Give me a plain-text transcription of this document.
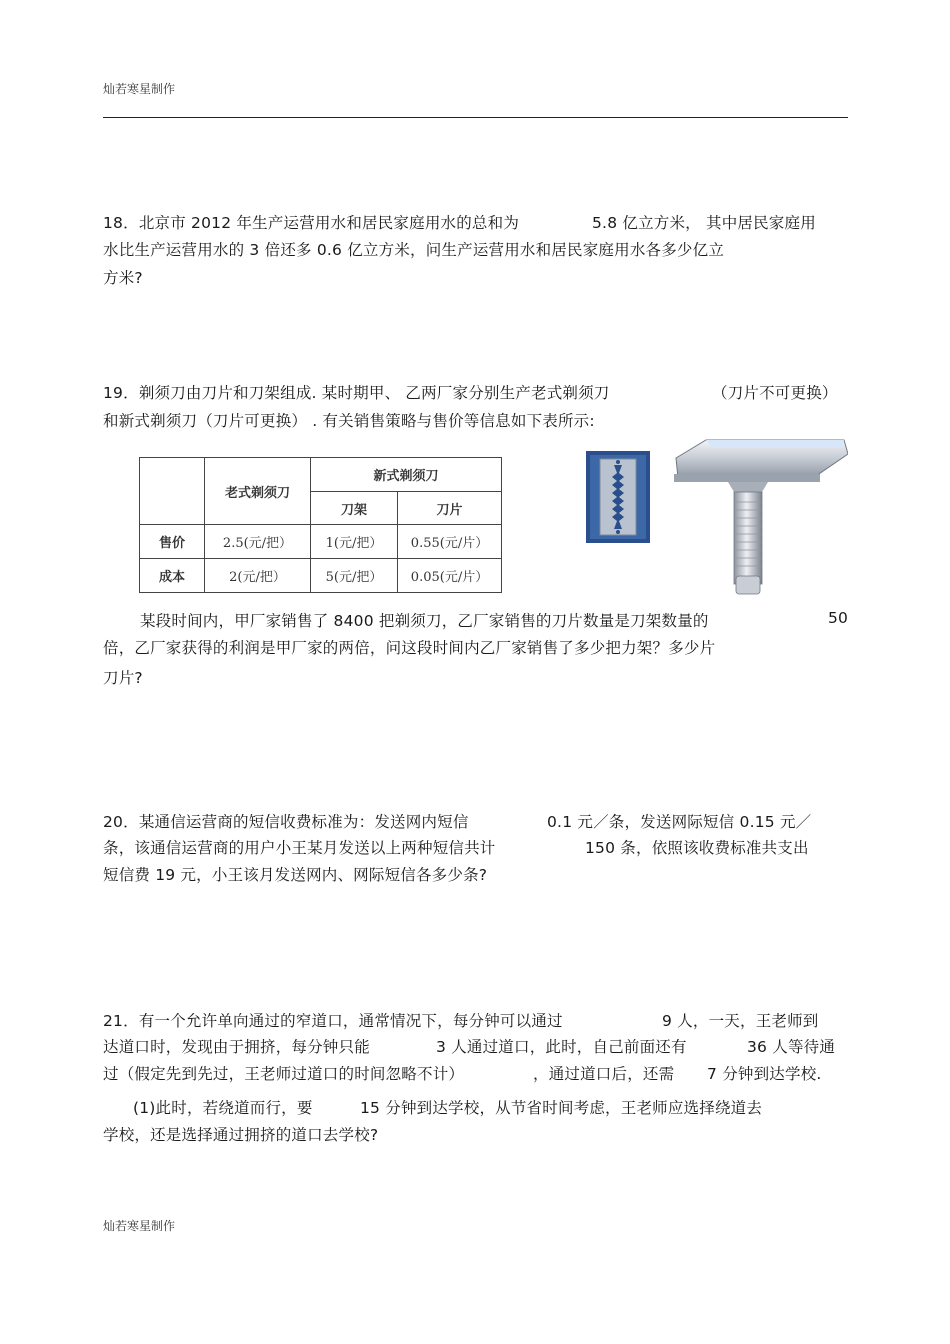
灿若寒星制作
18．北京市 2012 年生产运营用水和居民家庭用水的总和为	5.8 亿立方米， 其中居民家庭用
水比生产运营用水的 3 倍还多 0.6 亿立方米，问生产运营用水和居民家庭用水各多少亿立
方米?
19．剃须刀由刀片和刀架组成. 某时期甲、 乙两厂家分别生产老式剃须刀	（刀片不可更换）
和新式剃须刀（刀片可更换） . 有关销售策略与售价等信息如下表所示:
	老式剃须刀	新式剃须刀	
		刀架	刀片
售价	2.5(元/把）	1(元/把）	0.55(元/片）
成本	2(元/把）	5(元/把）	0.05(元/片）
某段时间内，甲厂家销售了 8400 把剃须刀，乙厂家销售的刀片数量是刀架数量的	50
倍，乙厂家获得的利润是甲厂家的两倍，问这段时间内乙厂家销售了多少把力架？多少片
刀片?
20．某通信运营商的短信收费标准为：发送网内短信	0.1 元／条，发送网际短信 0.15 元／
条，该通信运营商的用户小王某月发送以上两种短信共计	150 条，依照该收费标准共支出
短信费 19 元，小王该月发送网内、网际短信各多少条?
21．有一个允许单向通过的窄道口，通常情况下，每分钟可以通过	9 人，一天，王老师到
达道口时，发现由于拥挤，每分钟只能	3 人通过道口，此时，自己前面还有	36 人等待通
过（假定先到先过，王老师过道口的时间忽略不计）	，通过道口后，还需 7 分钟到达学校.
(1)此时，若绕道而行，要	15 分钟到达学校，从节省时间考虑，王老师应选择绕道去
学校，还是选择通过拥挤的道口去学校?
灿若寒星制作
